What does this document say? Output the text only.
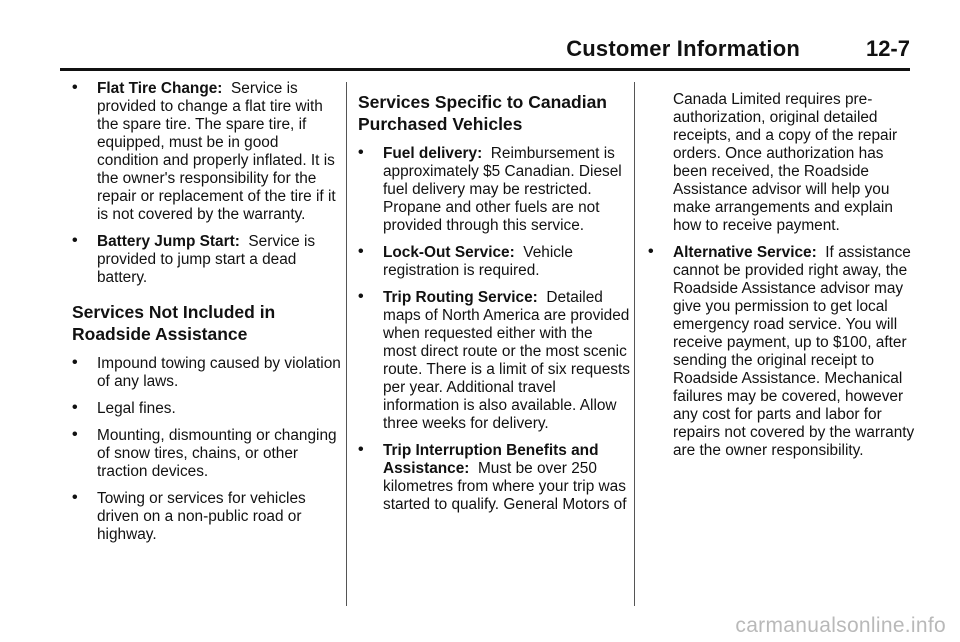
Customer Information	12-7
• Flat Tire Change: Service is provided to change a flat tire with the spare tire. The spare tire, if equipped, must be in good condition and properly inflated. It is the owner's responsibility for the repair or replacement of the tire if it is not covered by the warranty.

• Battery Jump Start: Service is provided to jump start a dead battery.

Services Not Included in Roadside Assistance
• Impound towing caused by violation of any laws.

• Legal fines.

• Mounting, dismounting or changing of snow tires, chains, or other traction devices.

• Towing or services for vehicles driven on a non-public road or highway.

Services Specific to Canadian Purchased Vehicles
• Fuel delivery: Reimbursement is approximately $5 Canadian. Diesel fuel delivery may be restricted. Propane and other fuels are not provided through this service.

• Lock-Out Service: Vehicle registration is required.

• Trip Routing Service: Detailed maps of North America are provided when requested either with the most direct route or the most scenic route. There is a limit of six requests per year. Additional travel information is also available. Allow three weeks for delivery.

• Trip Interruption Benefits and Assistance: Must be over 250 kilometres from where your trip was started to qualify. General Motors of

Canada Limited requires pre-authorization, original detailed receipts, and a copy of the repair orders. Once authorization has been received, the Roadside Assistance advisor will help you make arrangements and explain how to receive payment.

• Alternative Service: If assistance cannot be provided right away, the Roadside Assistance advisor may give you permission to get local emergency road service. You will receive payment, up to $100, after sending the original receipt to Roadside Assistance. Mechanical failures may be covered, however any cost for parts and labor for repairs not covered by the warranty are the owner responsibility.

carmanualsonline.info
